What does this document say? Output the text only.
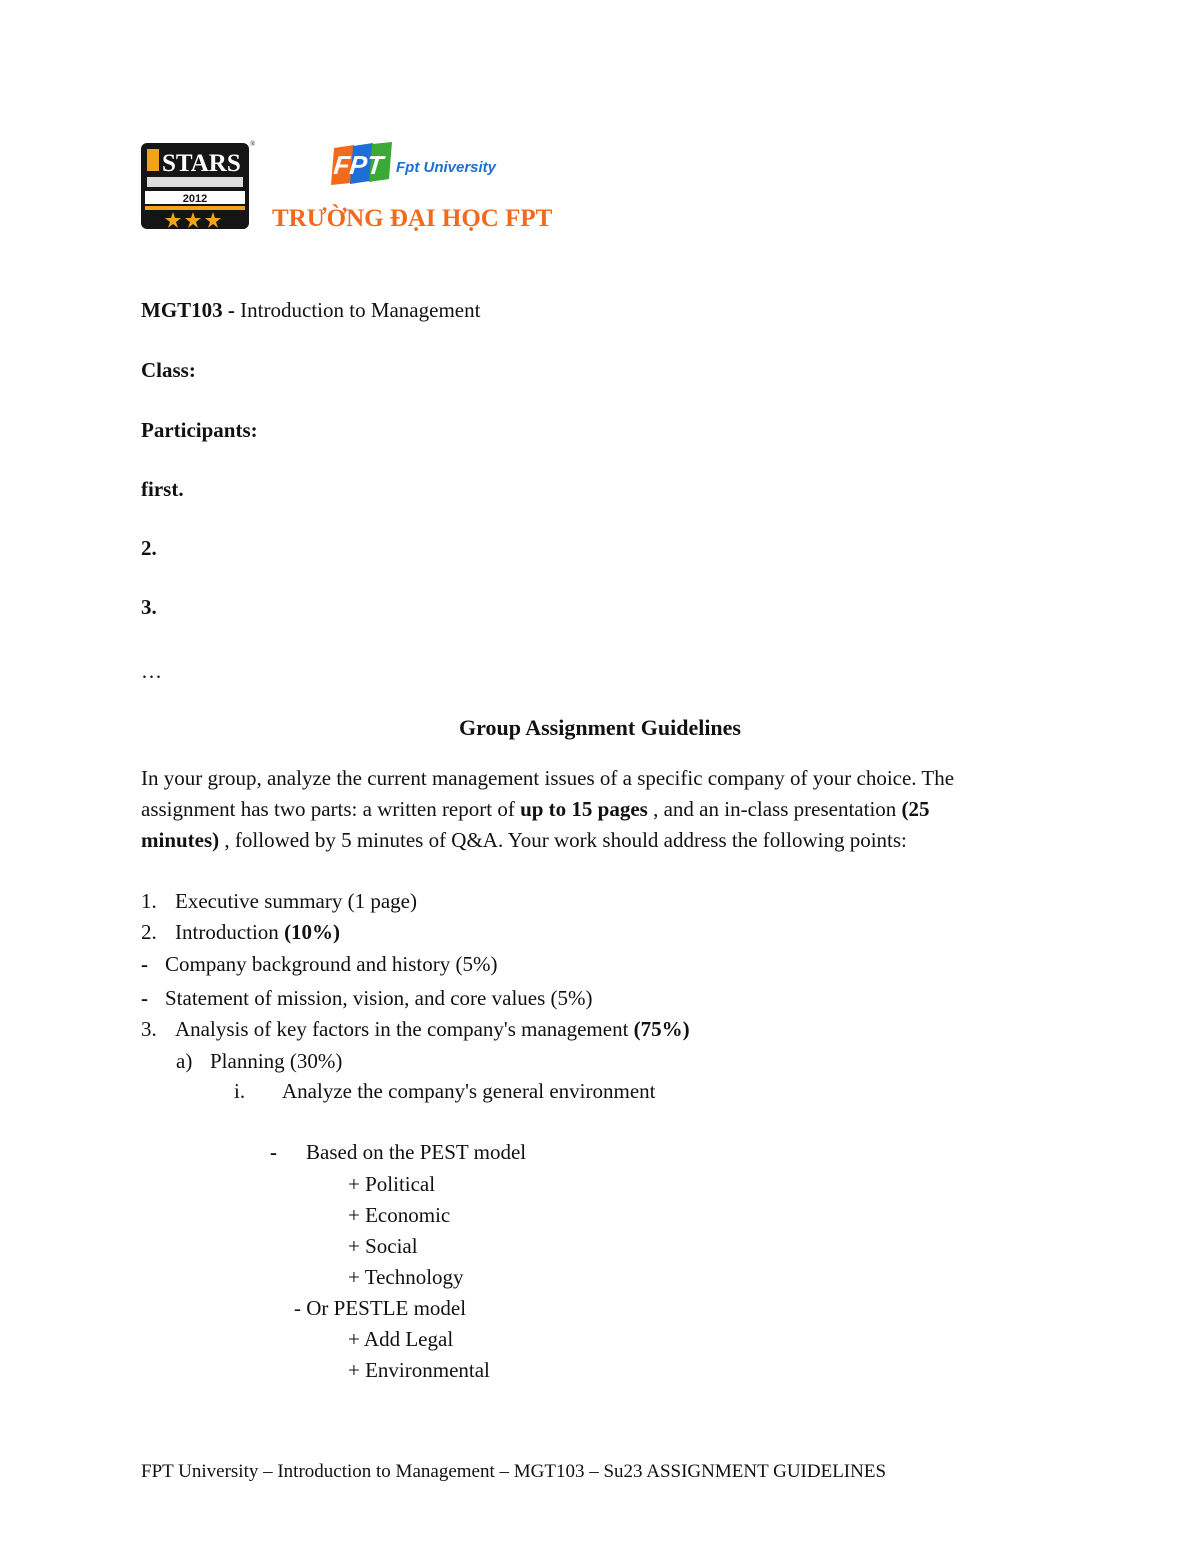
STARS
2012
®
FPT Fpt University
TRƯỜNG ĐẠI HỌC FPT
MGT103 - Introduction to Management
Class:
Participants:
first.
2.
3.
…
Group Assignment Guidelines
In your group, analyze the current management issues of a specific company of your choice. The
assignment has two parts: a written report of up to 15 pages , and an in-class presentation (25
minutes) , followed by 5 minutes of Q&A. Your work should address the following points:
1. Executive summary (1 page)
2. Introduction (10%)
- Company background and history (5%)
- Statement of mission, vision, and core values (5%)
3. Analysis of key factors in the company's management (75%)
a) Planning (30%)
i. Analyze the company's general environment
- Based on the PEST model
+ Political
+ Economic
+ Social
+ Technology
- Or PESTLE model
+ Add Legal
+ Environmental
FPT University – Introduction to Management – MGT103 – Su23 ASSIGNMENT GUIDELINES
